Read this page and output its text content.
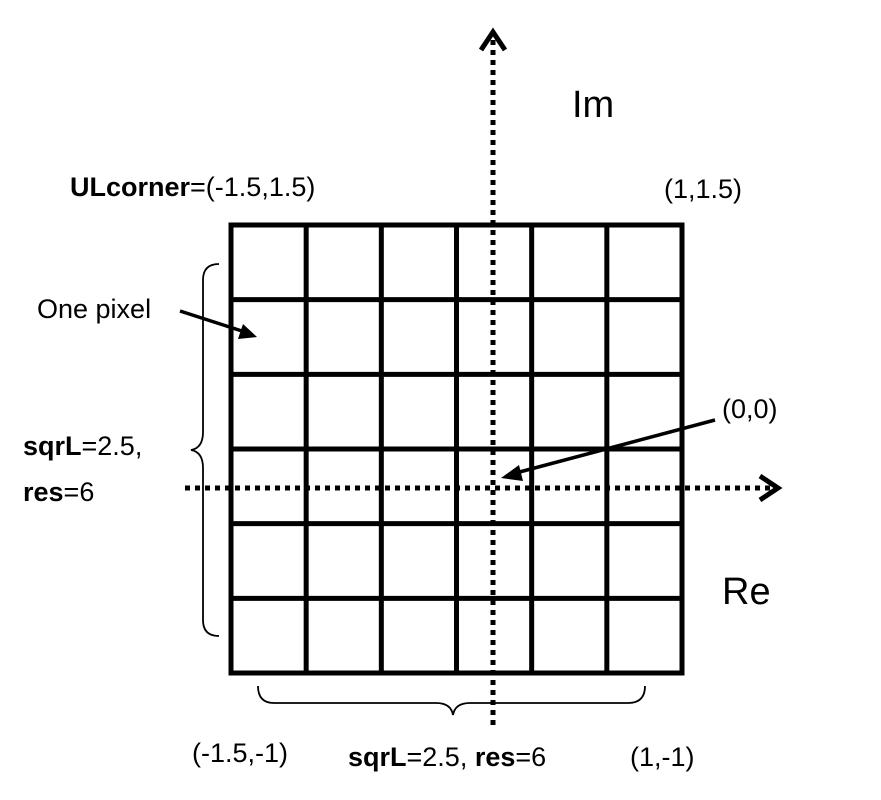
Im
Re
ULcorner=(-1.5,1.5)	(1,1.5)
(-1.5,-1)	(1,-1)
(0,0)
One pixel
sqrL=2.5,
res=6
sqrL=2.5, res=6
